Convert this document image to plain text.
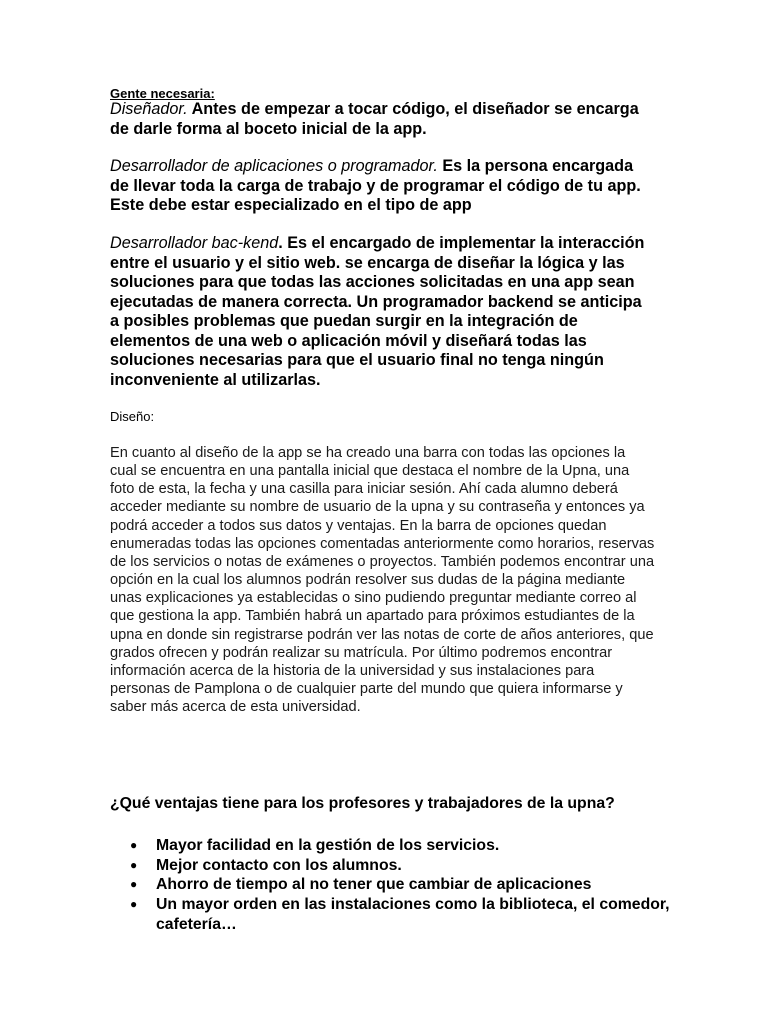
Gente necesaria:

Diseñador. Antes de empezar a tocar código, el diseñador se encarga de darle forma al boceto inicial de la app.

Desarrollador de aplicaciones o programador. Es la persona encargada de llevar toda la carga de trabajo y de programar el código de tu app. Este debe estar especializado en el tipo de app

Desarrollador bac-kend. Es el encargado de implementar la interacción entre el usuario y el sitio web. se encarga de diseñar la lógica y las soluciones para que todas las acciones solicitadas en una app sean ejecutadas de manera correcta. Un programador backend se anticipa a posibles problemas que puedan surgir en la integración de elementos de una web o aplicación móvil y diseñará todas las soluciones necesarias para que el usuario final no tenga ningún inconveniente al utilizarlas.

Diseño:

En cuanto al diseño de la app se ha creado una barra con todas las opciones la cual se encuentra en una pantalla inicial que destaca el nombre de la Upna, una foto de esta, la fecha y una casilla para iniciar sesión. Ahí cada alumno deberá acceder mediante su nombre de usuario de la upna y su contraseña y entonces ya podrá acceder a todos sus datos y ventajas. En la barra de opciones quedan enumeradas todas las opciones comentadas anteriormente como horarios, reservas de los servicios o notas de exámenes o proyectos. También podemos encontrar una opción en la cual los alumnos podrán resolver sus dudas de la página mediante unas explicaciones ya establecidas o sino pudiendo preguntar mediante correo al que gestiona la app. También habrá un apartado para próximos estudiantes de la upna en donde sin registrarse podrán ver las notas de corte de años anteriores, que grados ofrecen y podrán realizar su matrícula. Por último podremos encontrar información acerca de la historia de la universidad y sus instalaciones para personas de Pamplona o de cualquier parte del mundo que quiera informarse y saber más acerca de esta universidad.

¿Qué ventajas tiene para los profesores y trabajadores de la upna?

● Mayor facilidad en la gestión de los servicios.
● Mejor contacto con los alumnos.
● Ahorro de tiempo al no tener que cambiar de aplicaciones
● Un mayor orden en las instalaciones como la biblioteca, el comedor, cafetería…
